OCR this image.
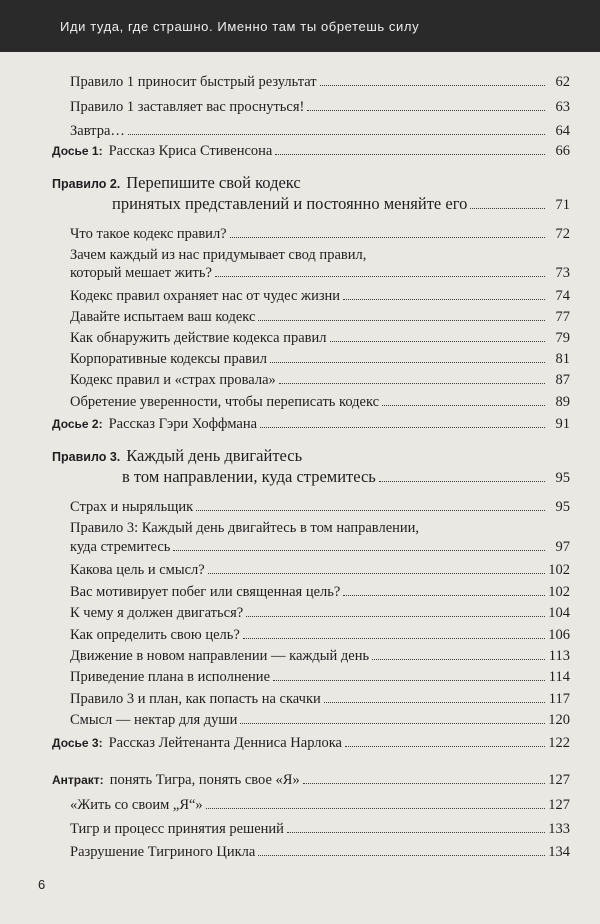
Иди туда, где страшно. Именно там ты обретешь силу
Правило 1 приносит быстрый результат	62
Правило 1 заставляет вас проснуться!	63
Завтра…	64
Досье 1: Рассказ Криса Стивенсона	66
Правило 2. Перепишите свой кодекс
принятых представлений и постоянно меняйте его	71
Что такое кодекс правил?	72
Зачем каждый из нас придумывает свод правил,
который мешает жить?	73
Кодекс правил охраняет нас от чудес жизни	74
Давайте испытаем ваш кодекс	77
Как обнаружить действие кодекса правил	79
Корпоративные кодексы правил	81
Кодекс правил и «страх провала»	87
Обретение уверенности, чтобы переписать кодекс	89
Досье 2: Рассказ Гэри Хоффмана	91
Правило 3. Каждый день двигайтесь
в том направлении, куда стремитесь	95
Страх и ныряльщик	95
Правило 3: Каждый день двигайтесь в том направлении,
куда стремитесь	97
Какова цель и смысл?	102
Вас мотивирует побег или священная цель?	102
К чему я должен двигаться?	104
Как определить свою цель?	106
Движение в новом направлении — каждый день	113
Приведение плана в исполнение	114
Правило 3 и план, как попасть на скачки	117
Смысл — нектар для души	120
Досье 3: Рассказ Лейтенанта Денниса Нарлока	122
Антракт: понять Тигра, понять свое «Я»	127
«Жить со своим „Я“»	127
Тигр и процесс принятия решений	133
Разрушение Тигриного Цикла	134
6
